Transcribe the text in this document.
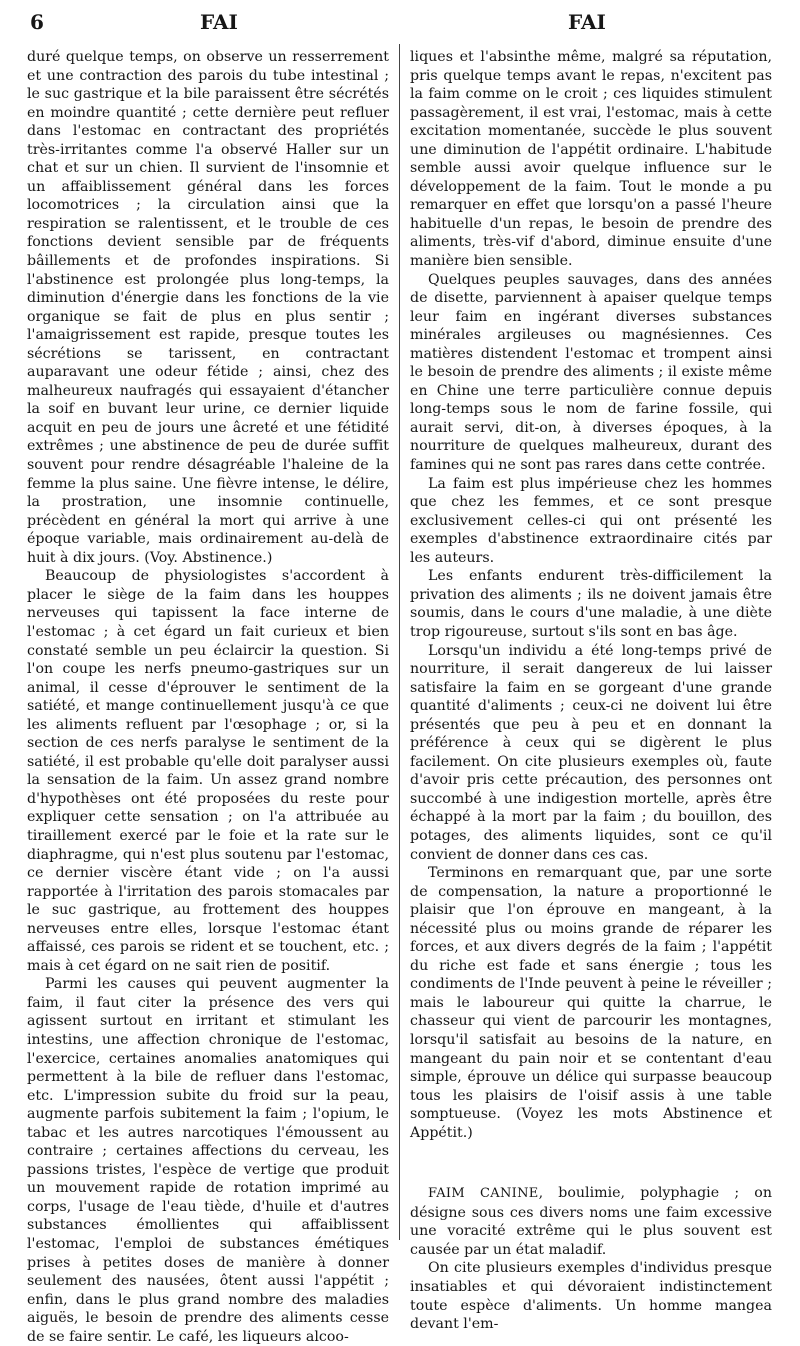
6	FAI	FAI

duré quelque temps, on observe un resserrement et une contraction des parois du tube intestinal ; le suc gastrique et la bile paraissent être sécrétés en moindre quantité ; cette dernière peut refluer dans l'estomac en contractant des propriétés très-irritantes comme l'a observé Haller sur un chat et sur un chien. Il survient de l'insomnie et un affaiblissement général dans les forces locomotrices ; la circulation ainsi que la respiration se ralentissent, et le trouble de ces fonctions devient sensible par de fréquents bâillements et de profondes inspirations. Si l'abstinence est prolongée plus long-temps, la diminution d'énergie dans les fonctions de la vie organique se fait de plus en plus sentir ; l'amaigrissement est rapide, presque toutes les sécrétions se tarissent, en contractant auparavant une odeur fétide ; ainsi, chez des malheureux naufragés qui essayaient d'étancher la soif en buvant leur urine, ce dernier liquide acquit en peu de jours une âcreté et une fétidité extrêmes ; une abstinence de peu de durée suffit souvent pour rendre désagréable l'haleine de la femme la plus saine. Une fièvre intense, le délire, la prostration, une insomnie continuelle, précèdent en général la mort qui arrive à une époque variable, mais ordinairement au-delà de huit à dix jours. (Voy. Abstinence.)

Beaucoup de physiologistes s'accordent à placer le siège de la faim dans les houppes nerveuses qui tapissent la face interne de l'estomac ; à cet égard un fait curieux et bien constaté semble un peu éclaircir la question. Si l'on coupe les nerfs pneumo-gastriques sur un animal, il cesse d'éprouver le sentiment de la satiété, et mange continuellement jusqu'à ce que les aliments refluent par l'œsophage ; or, si la section de ces nerfs paralyse le sentiment de la satiété, il est probable qu'elle doit paralyser aussi la sensation de la faim. Un assez grand nombre d'hypothèses ont été proposées du reste pour expliquer cette sensation ; on l'a attribuée au tiraillement exercé par le foie et la rate sur le diaphragme, qui n'est plus soutenu par l'estomac, ce dernier viscère étant vide ; on l'a aussi rapportée à l'irritation des parois stomacales par le suc gastrique, au frottement des houppes nerveuses entre elles, lorsque l'estomac étant affaissé, ces parois se rident et se touchent, etc. ; mais à cet égard on ne sait rien de positif.

Parmi les causes qui peuvent augmenter la faim, il faut citer la présence des vers qui agissent surtout en irritant et stimulant les intestins, une affection chronique de l'estomac, l'exercice, certaines anomalies anatomiques qui permettent à la bile de refluer dans l'estomac, etc. L'impression subite du froid sur la peau, augmente parfois subitement la faim ; l'opium, le tabac et les autres narcotiques l'émoussent au contraire ; certaines affections du cerveau, les passions tristes, l'espèce de vertige que produit un mouvement rapide de rotation imprimé au corps, l'usage de l'eau tiède, d'huile et d'autres substances émollientes qui affaiblissent l'estomac, l'emploi de substances émétiques prises à petites doses de manière à donner seulement des nausées, ôtent aussi l'appétit ; enfin, dans le plus grand nombre des maladies aiguës, le besoin de prendre des aliments cesse de se faire sentir. Le café, les liqueurs alcoo-

liques et l'absinthe même, malgré sa réputation, pris quelque temps avant le repas, n'excitent pas la faim comme on le croit ; ces liquides stimulent passagèrement, il est vrai, l'estomac, mais à cette excitation momentanée, succède le plus souvent une diminution de l'appétit ordinaire. L'habitude semble aussi avoir quelque influence sur le développement de la faim. Tout le monde a pu remarquer en effet que lorsqu'on a passé l'heure habituelle d'un repas, le besoin de prendre des aliments, très-vif d'abord, diminue ensuite d'une manière bien sensible.

Quelques peuples sauvages, dans des années de disette, parviennent à apaiser quelque temps leur faim en ingérant diverses substances minérales argileuses ou magnésiennes. Ces matières distendent l'estomac et trompent ainsi le besoin de prendre des aliments ; il existe même en Chine une terre particulière connue depuis long-temps sous le nom de farine fossile, qui aurait servi, dit-on, à diverses époques, à la nourriture de quelques malheureux, durant des famines qui ne sont pas rares dans cette contrée.

La faim est plus impérieuse chez les hommes que chez les femmes, et ce sont presque exclusivement celles-ci qui ont présenté les exemples d'abstinence extraordinaire cités par les auteurs.

Les enfants endurent très-difficilement la privation des aliments ; ils ne doivent jamais être soumis, dans le cours d'une maladie, à une diète trop rigoureuse, surtout s'ils sont en bas âge.

Lorsqu'un individu a été long-temps privé de nourriture, il serait dangereux de lui laisser satisfaire la faim en se gorgeant d'une grande quantité d'aliments ; ceux-ci ne doivent lui être présentés que peu à peu et en donnant la préférence à ceux qui se digèrent le plus facilement. On cite plusieurs exemples où, faute d'avoir pris cette précaution, des personnes ont succombé à une indigestion mortelle, après être échappé à la mort par la faim ; du bouillon, des potages, des aliments liquides, sont ce qu'il convient de donner dans ces cas.

Terminons en remarquant que, par une sorte de compensation, la nature a proportionné le plaisir que l'on éprouve en mangeant, à la nécessité plus ou moins grande de réparer les forces, et aux divers degrés de la faim ; l'appétit du riche est fade et sans énergie ; tous les condiments de l'Inde peuvent à peine le réveiller ; mais le laboureur qui quitte la charrue, le chasseur qui vient de parcourir les montagnes, lorsqu'il satisfait au besoins de la nature, en mangeant du pain noir et se contentant d'eau simple, éprouve un délice qui surpasse beaucoup tous les plaisirs de l'oisif assis à une table somptueuse. (Voyez les mots Abstinence et Appétit.)

FAIM CANINE, boulimie, polyphagie ; on désigne sous ces divers noms une faim excessive une voracité extrême qui le plus souvent est causée par un état maladif.

On cite plusieurs exemples d'individus presque insatiables et qui dévoraient indistinctement toute espèce d'aliments. Un homme mangea devant l'em-
